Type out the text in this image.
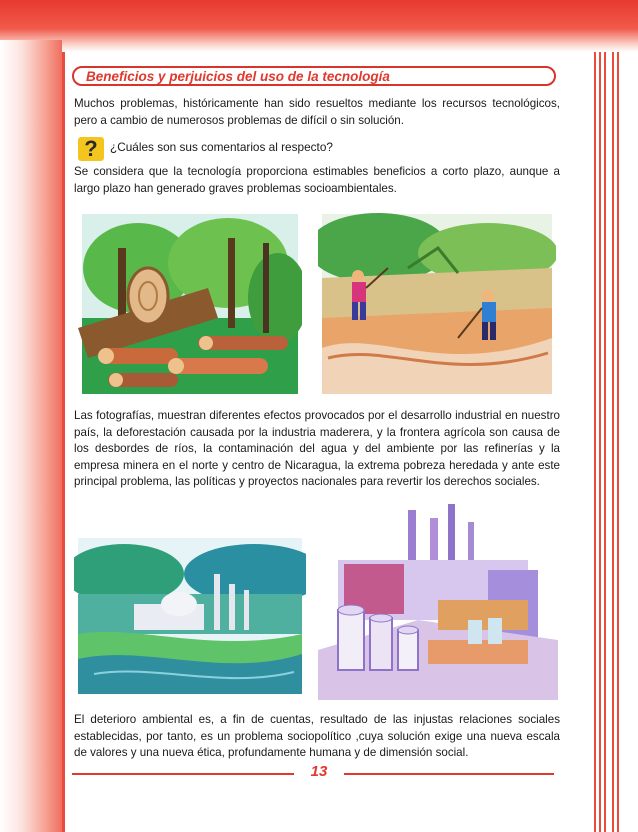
Beneficios y perjuicios del uso de la tecnología
Muchos problemas, históricamente han sido resueltos mediante los recursos tecnológicos, pero a cambio de numerosos problemas de difícil o sin solución.
?	¿Cuáles son sus comentarios al respecto?
Se considera que la tecnología proporciona estimables beneficios a corto plazo, aunque a largo plazo han generado graves problemas socioambientales.
Las fotografías, muestran diferentes efectos provocados por el desarrollo industrial en nuestro país, la deforestación causada por la industria maderera, y la frontera agrícola son causa de los desbordes de ríos, la contaminación del agua y del ambiente por las refinerías y la empresa minera en el norte y centro de Nicaragua, la extrema pobreza heredada y ante este principal problema, las políticas y proyectos nacionales para revertir los derechos sociales.
El deterioro ambiental es, a fin de cuentas, resultado de las injustas relaciones sociales establecidas, por tanto, es un problema sociopolítico ,cuya solución exige una nueva escala de valores y una nueva ética, profundamente humana y de dimensión social.
13
